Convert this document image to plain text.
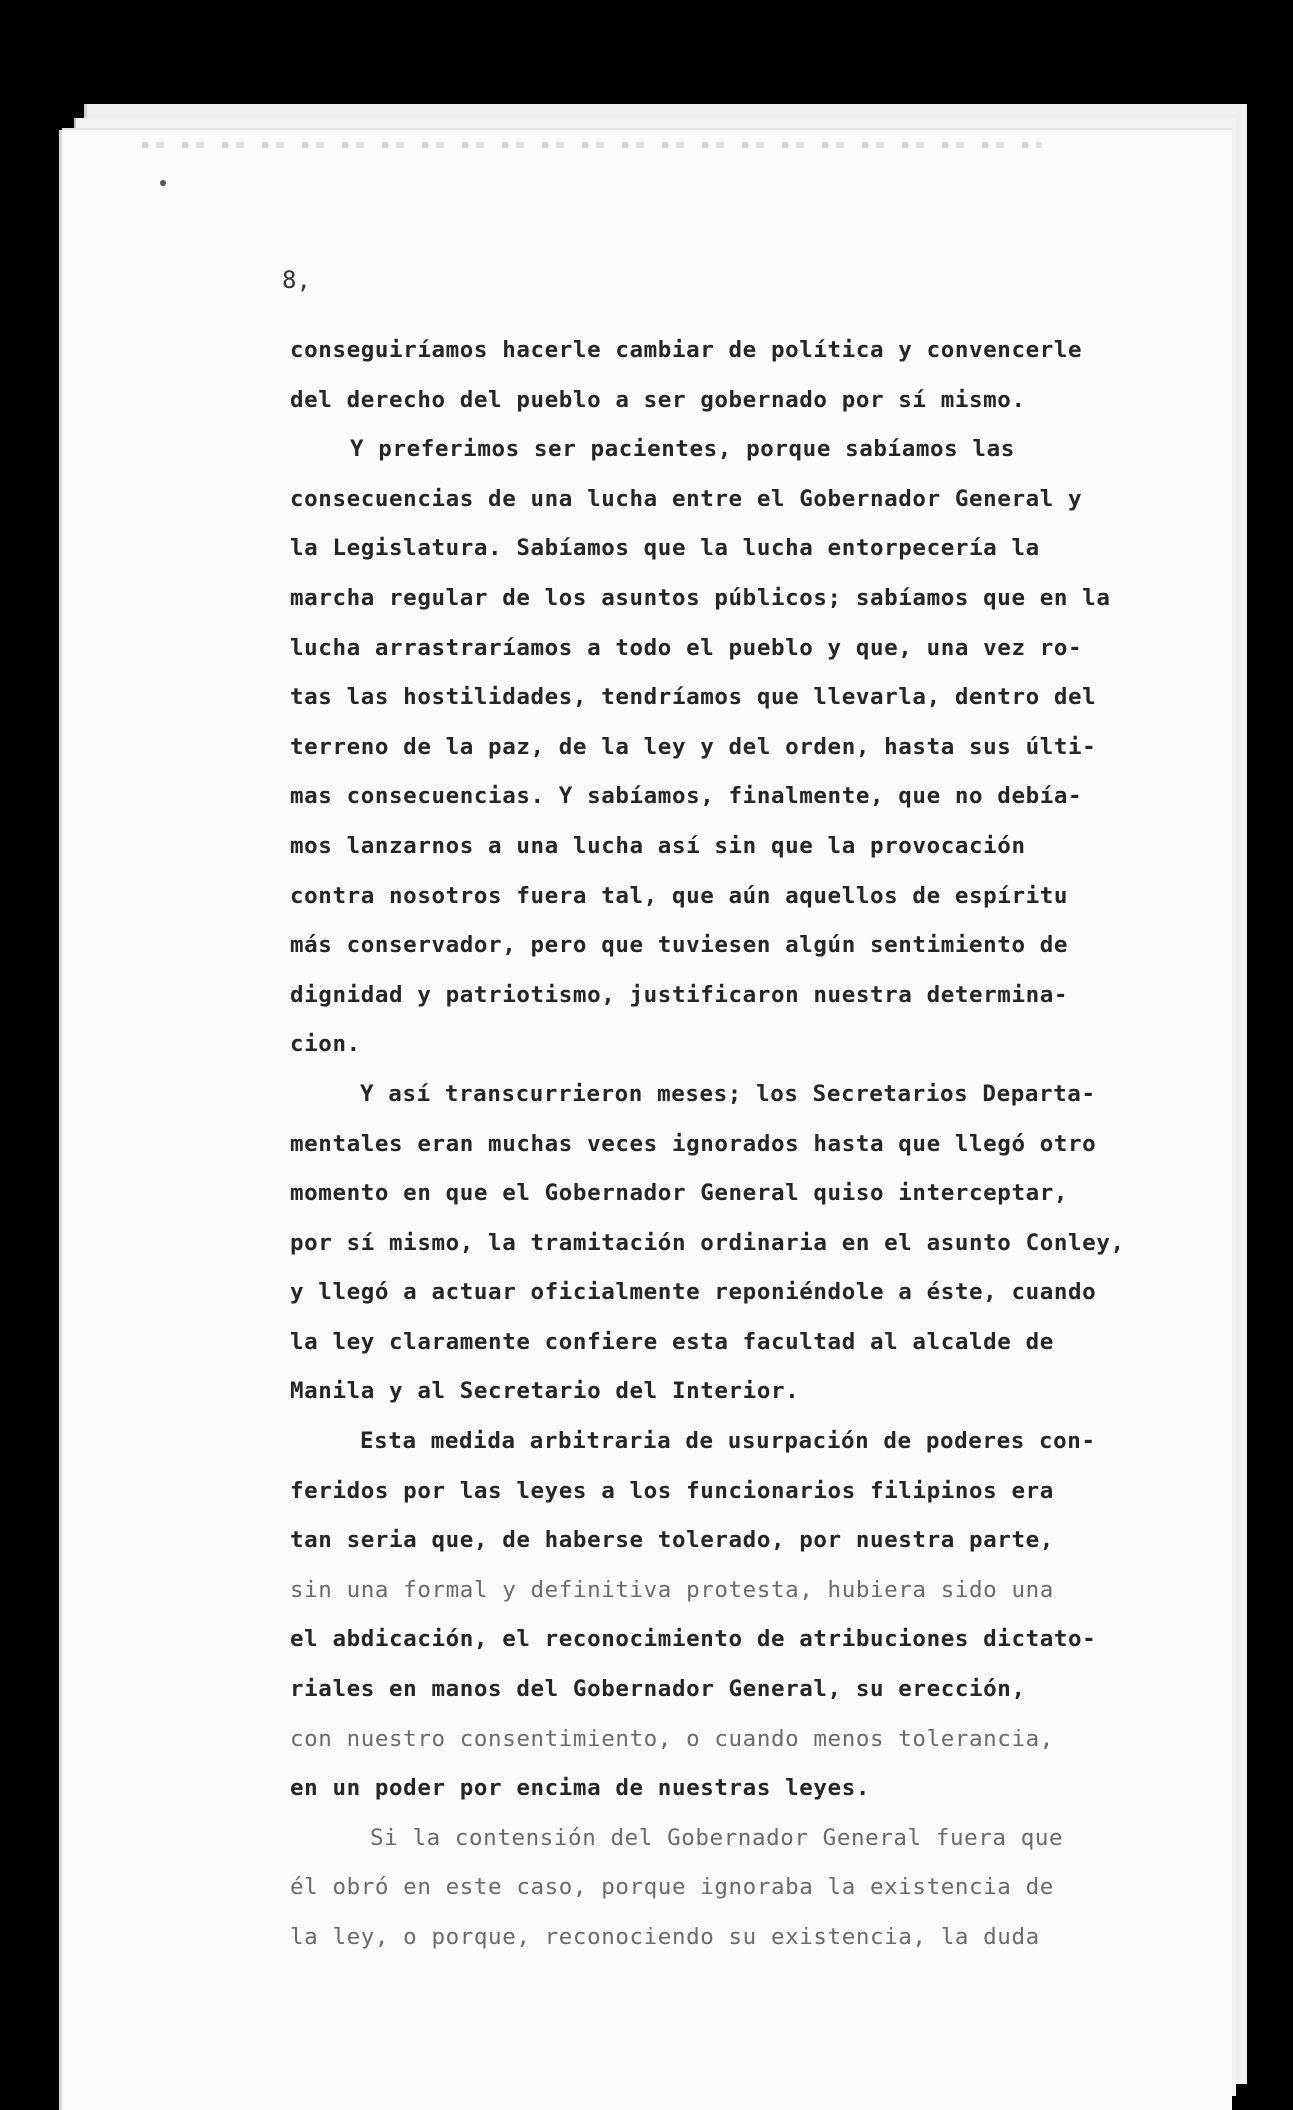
8,
conseguiríamos hacerle cambiar de política y convencerle
del derecho del pueblo a ser gobernado por sí mismo.
Y preferimos ser pacientes, porque sabíamos las
consecuencias de una lucha entre el Gobernador General y
la Legislatura. Sabíamos que la lucha entorpecería la
marcha regular de los asuntos públicos; sabíamos que en la
lucha arrastraríamos a todo el pueblo y que, una vez ro-
tas las hostilidades, tendríamos que llevarla, dentro del
terreno de la paz, de la ley y del orden, hasta sus últi-
mas consecuencias. Y sabíamos, finalmente, que no debía-
mos lanzarnos a una lucha así sin que la provocación
contra nosotros fuera tal, que aún aquellos de espíritu
más conservador, pero que tuviesen algún sentimiento de
dignidad y patriotismo, justificaron nuestra determina-
cion.
Y así transcurrieron meses; los Secretarios Departa-
mentales eran muchas veces ignorados hasta que llegó otro
momento en que el Gobernador General quiso interceptar,
por sí mismo, la tramitación ordinaria en el asunto Conley,
y llegó a actuar oficialmente reponiéndole a éste, cuando
la ley claramente confiere esta facultad al alcalde de
Manila y al Secretario del Interior.
Esta medida arbitraria de usurpación de poderes con-
feridos por las leyes a los funcionarios filipinos era
tan seria que, de haberse tolerado, por nuestra parte,
sin una formal y definitiva protesta, hubiera sido una
el abdicación, el reconocimiento de atribuciones dictato-
riales en manos del Gobernador General, su erección,
con nuestro consentimiento, o cuando menos tolerancia,
en un poder por encima de nuestras leyes.
Si la contensión del Gobernador General fuera que
él obró en este caso, porque ignoraba la existencia de
la ley, o porque, reconociendo su existencia, la duda
